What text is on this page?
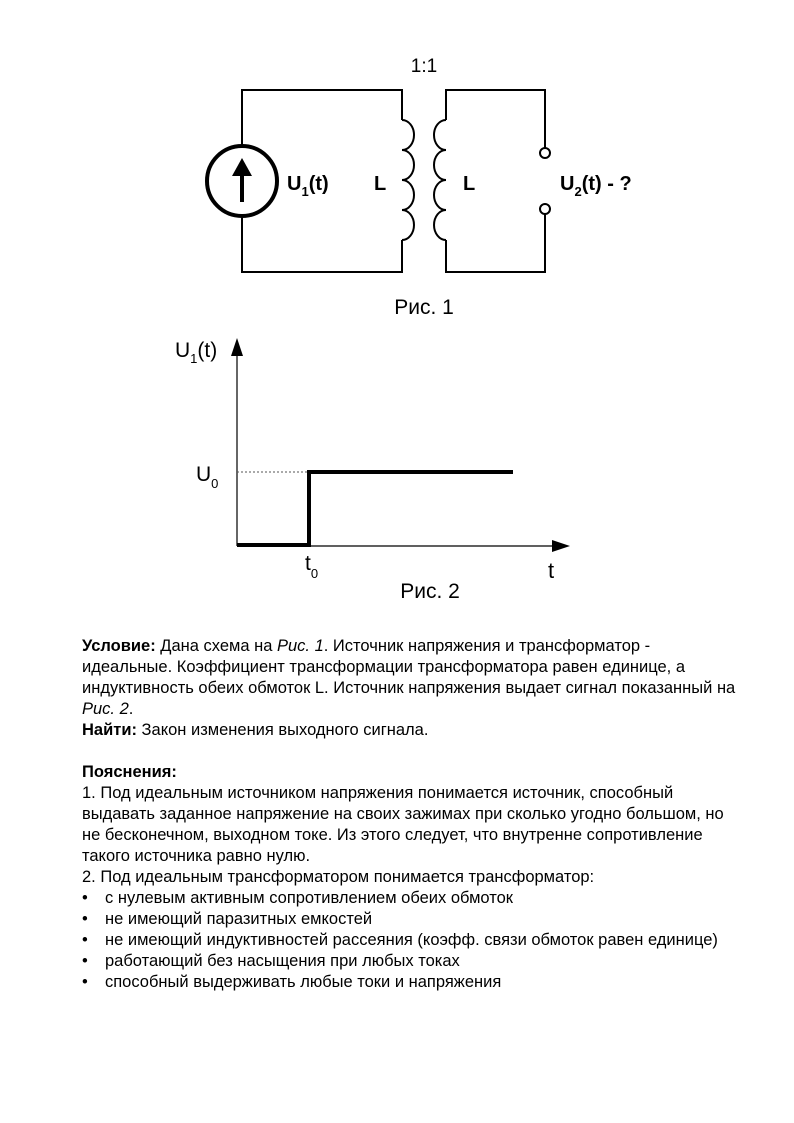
1:1
$U_1(t)$ L	L	$U_2(t)$ - ?
Рис. 1
$U_1(t)$
$U_0$
$t_0$	t
Рис. 2

Условие: Дана схема на Рис. 1. Источник напряжения и трансформатор - идеальные. Коэффициент трансформации трансформатора равен единице, а индуктивность обеих обмоток L. Источник напряжения выдает сигнал показанный на Рис. 2.

Найти: Закон изменения выходного сигнала.

Пояснения:

1. Под идеальным источником напряжения понимается источник, способный выдавать заданное напряжение на своих зажимах при сколько угодно большом, но не бесконечном, выходном токе. Из этого следует, что внутренне сопротивление такого источника равно нулю.

2. Под идеальным трансформатором понимается трансформатор:

• с нулевым активным сопротивлением обеих обмоток
• не имеющий паразитных емкостей
• не имеющий индуктивностей рассеяния (коэфф. связи обмоток равен единице)
• работающий без насыщения при любых токах
• способный выдерживать любые токи и напряжения
